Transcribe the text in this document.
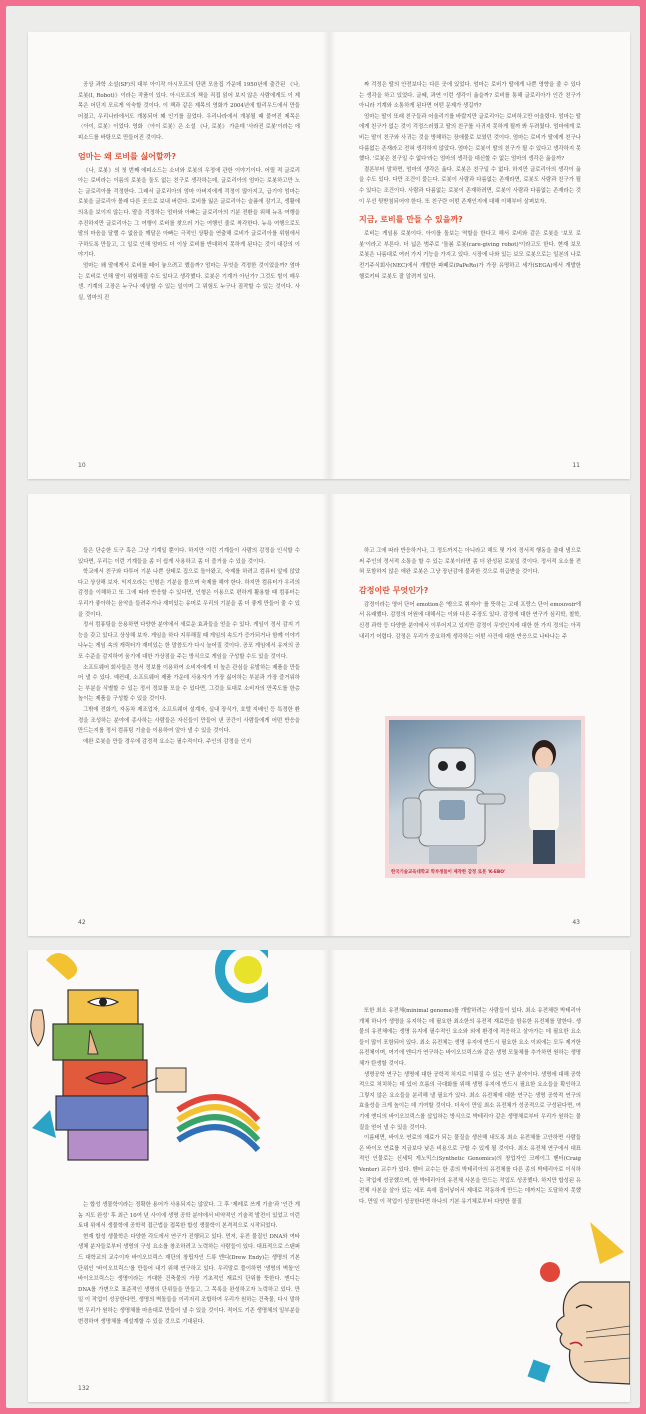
공상 과학 소설(SF)의 대부 아이작 아시모프의 단편 모음집 가운데 1950년에 출간된 《나, 로봇(I, Robot)》이라는 작품이 있다. 아시모프의 책을 직접 읽어 보지 않은 사람에게도 이 제목은 어딘지 모르게 익숙할 것이다. 이 책과 같은 제목의 영화가 2004년에 할리우드에서 만들어졌고, 우리나라에서도 개봉되어 꽤 인기를 끌었다. 우리나라에서 개봉될 때 붙여진 제목은 〈아이, 로봇〉이었다. 영화 〈아이 로봇〉은 소설 《나, 로봇》 가운데 '사라진 로봇'이라는 에피소드를 바탕으로 만들어진 것이다.

엄마는 왜 로비를 싫어할까?

《나, 로봇》의 첫 번째 에피소드는 소녀와 로봇의 우정에 관한 이야기이다. 어릴 적 글로리아는 로비라는 이름의 로봇을 둘도 없는 친구로 생각하는데, 글로리아의 엄마는 로봇하고만 노는 글로리아를 걱정한다. 그래서 글로리아의 엄마 아버지에게 걱정이 많아지고, 급기야 엄마는 로봇을 글로리아 몰래 다른 곳으로 보내 버린다. 로비를 잃은 글로리아는 슬픔에 잠기고, 생활에 의욕을 보이지 않는다. 딸을 걱정하는 엄마와 아빠는 글로리아의 기분 전환을 위해 뉴욕 여행을 추진하지만 글로리아는 그 여행이 로비를 찾으러 가는 여행인 줄로 착각한다. 뉴욕 여행으로도 딸의 마음을 달랠 수 없음을 깨달은 아빠는 극적인 상황을 연출해 로비가 글로리아를 위험에서 구하도록 만들고, 그 일로 인해 엄마도 더 이상 로비를 반대하지 못하게 된다는 것이 대강의 이야기다.

엄마는 왜 딸에게서 로비를 떼어 놓으려고 했을까? 엄마는 무엇을 걱정한 것이었을까? 엄마는 로비로 인해 딸이 위험해질 수도 있다고 생각했다. 로봇은 기계가 아닌가? 그것도 힘이 매우 센. 기계의 고장은 누구나 예상할 수 있는 일이며 그 위험도 누구나 짐작할 수 있는 것이다. 사실, 엄마의 진

10

짜 걱정은 딸의 안전보다는 다른 곳에 있었다. 엄마는 로비가 딸에게 나쁜 영향을 줄 수 있다는 생각을 하고 있었다. 글쎄, 과연 이런 생각이 옳을까? 로비를 통해 글로리아가 인간 친구가 아니라 기계와 소통하게 된다면 어떤 문제가 생길까?

엄마는 딸이 또래 친구들과 어울리기를 바랐지만 글로리아는 로비하고만 어울렸다. 엄마는 딸에게 친구가 없는 것이 걱정스러웠고 딸의 친구를 사귀지 못하게 될까 봐 두려웠다. 엄마에게 로비는 딸이 친구와 사귀는 것을 방해하는 장애물로 보였던 것이다. 엄마는 로비가 딸에게 친구나 다름없는 존재라고 전혀 생각하지 않았다. 엄마는 로봇이 딸의 친구가 될 수 있다고 생각하지 못했다. '로봇은 친구일 수 없다'라는 엄마의 생각을 대신할 수 없는 엄마의 생각은 옳을까?

결론부터 말하면, 엄마의 생각은 옳다. 로봇은 친구일 수 없다. 하지만 글로리아의 생각이 옳을 수도 있다. 다만 조건이 붙는다. 로봇이 사람과 다름없는 존재라면, 로봇도 사람과 친구가 될 수 있다는 조건이다. 사람과 다름없는 로봇이 존재하려면, 로봇이 사람과 다름없는 존재라는 것이 우선 뒷받침되어야 한다. 또 친구란 어떤 존재인지에 대해 이해부터 살펴보자.

지금, 로비를 만들 수 있을까?

로비는 게임용 로봇이다. 아이를 돌보는 역할을 한다고 해서 로비와 같은 로봇을 '보모 로봇'이라고 부른다. 더 넓은 범주로 '돌봄 로봇(care-giving robot)'이라고도 한다. 현재 보모 로봇은 나름대로 여러 가지 기능을 가지고 있다. 시장에 나와 있는 보모 로봇으로는 일본의 나로전기주식회사(NEC)에서 개발한 파페로(PaPeRo)가 가장 유명하고 세가(SEGA)에서 개발한 헬로키티 로봇도 잘 알려져 있다.

11

들은 단순한 도구 혹은 그냥 기계일 뿐이다. 하지만 이런 기계들이 사람의 감정을 인식할 수 있다면, 우리는 이런 기계들을 좀 더 쉽게 사용하고 좀 더 즐거울 수 있을 것이다.

학교에서 친구와 다투어 기분 나쁜 상태로 집으로 돌아왔고, 숙제를 하려고 컴퓨터 앞에 앉았다고 상상해 보자. 익지오라는 인형은 기분을 풀으며 숙제를 해야 한다. 하지만 컴퓨터가 우리의 감정을 이해하고 또 그에 따라 반응할 수 있다면, 인형은 이용으로 편하게 활용할 때 컴퓨터는 우리가 좋아하는 음악을 들려주거나 재미있는 유머로 우리의 기분을 좀 더 좋게 만들어 줄 수 있을 것이다.

정서 컴퓨팅을 응용하면 다양한 분야에서 새로운 효과들을 얻을 수 있다. 게임이 정서 감지 기능을 갖고 있다고 상상해 보자. 게임을 하다 지루해질 때 게임의 속도가 증가되거나 함께 이야기 나누는 게임 속의 캐릭터가 재미있는 한 말씀도가 다시 늘어질 것이다. 공포 게임에서 유저의 공포 수준을 감지하여 움기에 대한 가상점을 주는 방식으로 게임을 구성할 수도 있을 것이다.

소프트웨어 회사들은 정서 정보를 이용하여 소비자에게 더 높은 관심을 유발하는 제품을 만들어 낼 수 있다. 예컨대, 소프트웨어 제품 가운데 사용자가 가장 싫어하는 부분과 가장 즐거워하는 부분을 식별할 수 있는 정서 정보를 모을 수 있다면, 그것을 토대로 소비자의 만족도를 한층 높이는 제품을 구성할 수 있을 것이다.

그밖에 전화기, 자동차 제조업자, 소프트웨어 설계자, 실내 장식가, 호텔 지배인 등 특정한 환경을 조성하는 분야에 종사하는 사람들은 자신들이 만들어 낸 공간이 사람들에게 어떤 반응을 만드는지를 정서 컴퓨팅 기술을 이용하여 알아 낼 수 있을 것이다.

애완 로봇을 만들 경우에 감정적 요소는 필수적이다. 주인의 감정을 인지

42

하고 그에 따라 반응하거나, 그 정도까지는 아니라고 해도 몇 가지 정서적 행동을 출대 냄으로써 주인의 정서적 소통을 할 수 있는 로봇이라면 좀 더 완성된 로봇일 것이다. 정서적 요소를 전혀 포함하지 않은 애완 로봇은 그냥 장난감에 불과한 것으로 취급받을 것이다.

감정이란 무엇인가?

감정이라는 영어 단어 emotion은 '밖으로 휘저어' 를 뜻하는 고대 프랑스 단어 emouvoir에서 유래했다. 감정의 어원에 대해서는 이와 다른 주장도 있다. 감정에 대한 연구가 심리학, 철학, 신경 과학 등 다양한 분야에서 이루어지고 있지만 감정이 무엇인지에 대한 한 가지 정의는 아직 내리기 어렵다. 감정은 우리가 중요하게 생각하는 어떤 사건에 대한 반응으로 나타나는 주

한국기술교육대학교 학부생들이 제작한 감정 로봇 'K-EBO'
43

는 합성 생물학이라는 정확한 용어가 사용되지는 않았다. 그 후 '제레로 쓰게 기술'과 '인간 게놈 지도 완성' 후 최근 10여 년 사이에 생명 공학 분야에서 비약적인 기술적 발전이 있었고 이런 토대 위에서 생물학에 공학적 접근법을 접목한 합성 생물학이 본격적으로 시작되었다.

현재 합성 생물학은 다양한 각도에서 연구가 진행되고 있다. 먼저, 유전 물질인 DNA와 여타 생체 분자들로부터 생명의 구성 요소를 창조하려고 노력하는 사람들이 있다. 대표적으로 스탠퍼드 대학교의 교수이자 바이오브릭스 재단의 창립자인 드류 엔디(Drew Endy)는 생명의 기본 단위인 '바이오브릭스'를 만들어 내기 위해 연구하고 있다. 우리말로 풀이하면 '생명의 벽돌'인 바이오브릭스는 생명이라는 거대한 건축물의 가장 기초적인 재료의 단위를 뜻한다. 엔디는 DNA를 가변으로 표준적인 생명의 단위들을 만들고, 그 목록을 완성하고자 노력하고 있다. 만일 이 작업이 성공한다면, 생명의 벽돌들을 이리저리 조합하여 우리가 원하는 건축물, 다시 말하면 우리가 원하는 생명체를 마음대로 만들어 낼 수 있을 것이다. 적어도 기존 생명체의 일부분을 변경하여 생명체를 재설계할 수 있을 것으로 기대된다.

132

또한 최소 유전체(minimal genome)를 개발하려는 사람들이 있다. 최소 유전체란 박테리아 개체 하나가 생명을 유지하는 데 필요한 최소한의 유전적 재료만을 함유한 유전체를 말한다. 생물의 유전체에는 생명 유지에 필수적인 요소와 외에 환경에 적응하고 살아가는 데 필요한 요소들이 많이 포함되어 있다. 최소 유전체는 생명 유지에 반드시 필요한 요소 이외에는 모두 제거한 유전체이며, 여기에 엔디가 연구하는 바이오브릭스와 같은 생명 모듈체를 추가하면 원하는 생명체가 탄생할 것이다.

생명공학 연구는 생명에 대한 공학적 처지로 이뤄질 수 있는 연구 분야이다. 생명에 대해 공학적으로 처치하는 데 있어 흐름의 극대화를 위해 생명 유지에 반드시 필요한 요소들을 확인하고 그렇지 않은 요소들을 분리해 낼 필요가 있다. 최소 유전체에 대한 연구는 생명 공학적 연구의 효율성을 크게 높이는 데 기여할 것이다. 더욱이 만일 최소 유전체가 성공적으로 구성된다면, 여기에 엔디의 바이오브릭스를 삽입하는 방식으로 박테리아 같은 생명체로부터 우리가 원하는 물질을 얻어 낼 수 있을 것이다.

이름테면, 바이오 연료의 재료가 되는 물질을 생산해 내도록 최소 유전체를 고안하면 사람들은 바이오 연료를 지금보다 낮은 비용으로 구할 수 있게 될 것이다. 최소 유전체 연구에서 대표적인 인물로는 신세틱 게노믹스(Synthetic Genomics)의 창업자인 크레이그 벤터(Craig Venter) 교수가 있다. 벤터 교수는 한 종의 박테리아의 유전체를 다른 종의 박테리아로 이식하는 작업에 성공했으며, 한 박테리아의 유전체 사본을 만드는 작업도 성공했다. 하지만 합성된 유전체 사본을 살아 있는 세포 속에 집어넣어서 제대로 작동하게 만드는 데까지는 도달하지 못했다. 만일 이 작업이 성공한다면 하나의 기본 유기체로부터 다양한 물질
